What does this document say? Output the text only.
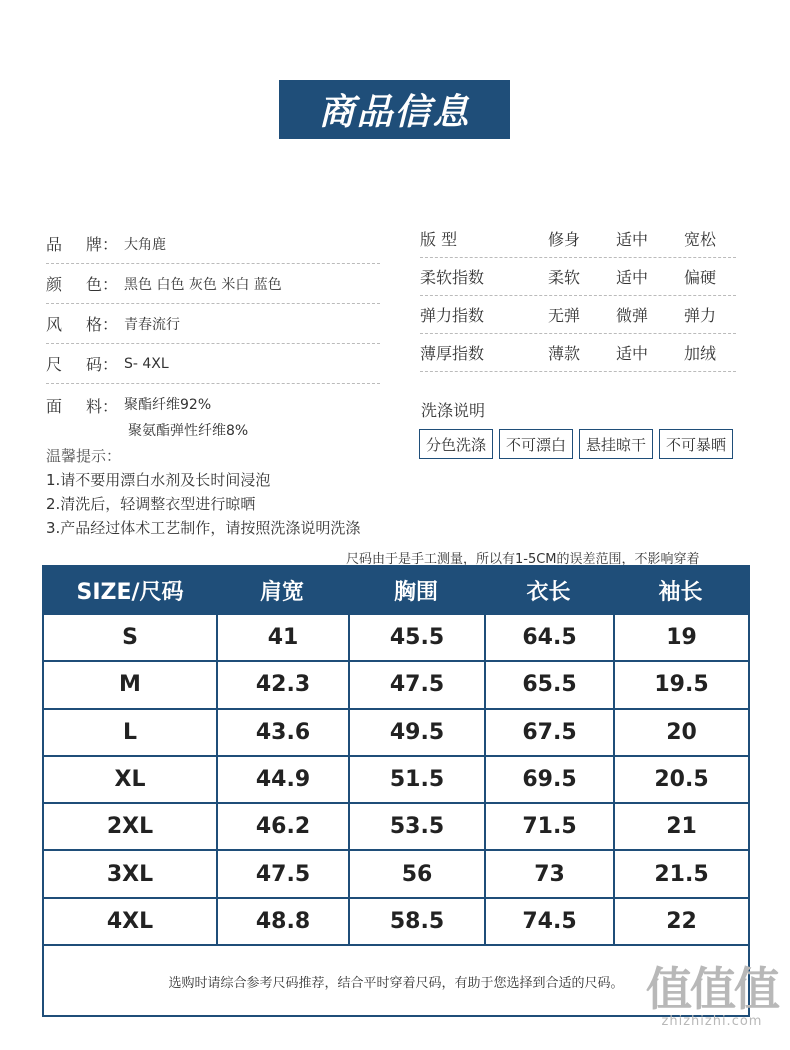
商品信息
品 牌： 大角鹿
颜 色： 黑色 白色 灰色 米白 蓝色
风 格： 青春流行
尺 码： S- 4XL
面 料： 聚酯纤维92%
聚氨酯弹性纤维8%
版 型	修身	适中	宽松
柔软指数	柔软	适中	偏硬
弹力指数	无弹	微弹	弹力
薄厚指数	薄款	适中	加绒
洗涤说明
分色洗涤	不可漂白	悬挂晾干	不可暴晒
温馨提示：
1.请不要用漂白水剂及长时间浸泡
2.清洗后，轻调整衣型进行晾晒
3.产品经过体术工艺制作，请按照洗涤说明洗涤
尺码由于是手工测量，所以有1-5CM的误差范围，不影响穿着
SIZE/尺码	肩宽	胸围	衣长	袖长
S	41	45.5	64.5	19
M	42.3	47.5	65.5	19.5
L	43.6	49.5	67.5	20
XL	44.9	51.5	69.5	20.5
2XL	46.2	53.5	71.5	21
3XL	47.5	56	73	21.5
4XL	48.8	58.5	74.5	22
选购时请综合参考尺码推荐，结合平时穿着尺码，有助于您选择到合适的尺码。 值值值
zhizhizhi.com
